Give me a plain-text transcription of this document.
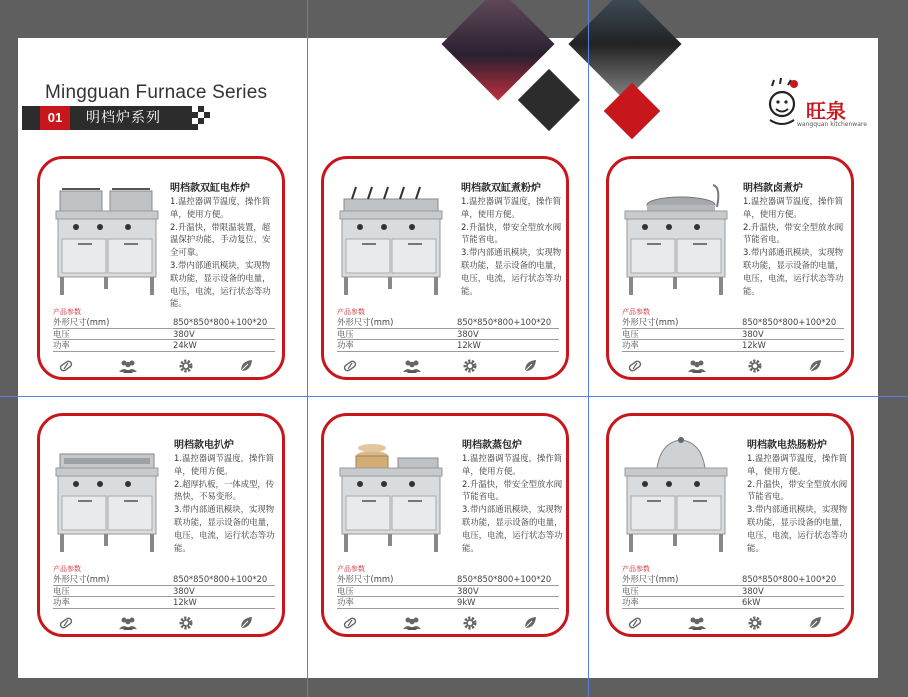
Mingguan Furnace Series
01	明档炉系列	旺泉
wangquan kitchenware
明档款双缸电炸炉
1.温控器调节温度，操作简单，使用方便。
2.升温快，带限温装置，超温保护功能，手动复位，安全可靠。
3.带内部通讯模块，实现物联功能，显示设备的电量，电压，电流，运行状态等功能。
产品参数
外形尺寸(mm)	850*850*800+100*20
电压	380V
功率	24kW
明档款双缸煮粉炉
1.温控器调节温度，操作简单，使用方便。
2.升温快，带安全型放水阀节能省电。
3.带内部通讯模块，实现物联功能，显示设备的电量，电压，电流，运行状态等功能。
产品参数
外形尺寸(mm)	850*850*800+100*20
电压	380V
功率	12kW
明档款卤煮炉
1.温控器调节温度，操作简单，使用方便。
2.升温快，带安全型放水阀节能省电。
3.带内部通讯模块，实现物联功能，显示设备的电量，电压，电流，运行状态等功能。
产品参数
外形尺寸(mm)	850*850*800+100*20
电压	380V
功率	12kW
明档款电扒炉
1.温控器调节温度，操作简单，使用方便。
2.超厚扒板，一体成型，传热快，不易变形。
3.带内部通讯模块，实现物联功能，显示设备的电量，电压，电流，运行状态等功能。
产品参数
外形尺寸(mm)	850*850*800+100*20
电压	380V
功率	12kW
明档款蒸包炉
1.温控器调节温度，操作简单，使用方便。
2.升温快，带安全型放水阀节能省电。
3.带内部通讯模块，实现物联功能，显示设备的电量，电压，电流，运行状态等功能。
产品参数
外形尺寸(mm)	850*850*800+100*20
电压	380V
功率	9kW
明档款电热肠粉炉
1.温控器调节温度，操作简单，使用方便。
2.升温快，带安全型放水阀节能省电。
3.带内部通讯模块，实现物联功能，显示设备的电量，电压，电流，运行状态等功能。
产品参数
外形尺寸(mm)	850*850*800+100*20
电压	380V
功率	6kW
